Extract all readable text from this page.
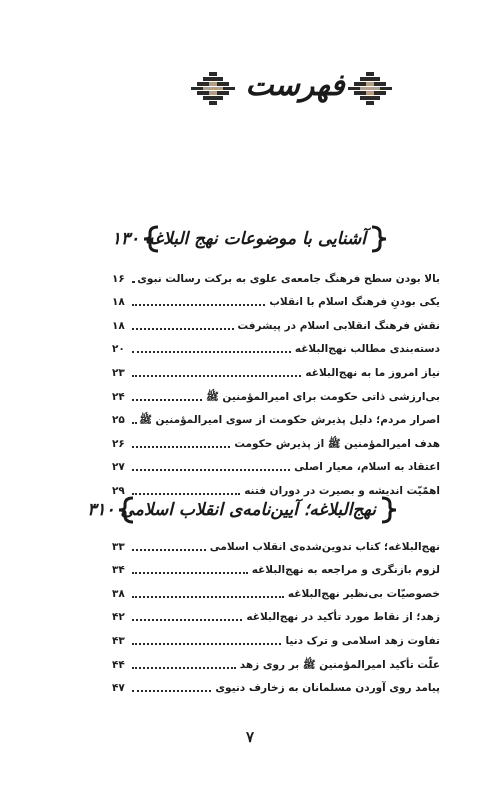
فهرست
آشنایی با موضوعات نهج البلاغه ۱۳۰
بالا بودن سطح فرهنگ جامعه‌ی علوی به برکت رسالت نبوی
۱۶
یکی بودنِ فرهنگ اسلام با انقلاب
۱۸
نقش فرهنگ انقلابی اسلام در پیشرفت
۱۸
دسته‌بندی مطالب نهج‌البلاغه
۲۰
نیاز امروز ما به نهج‌البلاغه
۲۳
بی‌ارزشی ذاتی حکومت برای امیرالمؤمنین ﷺ
۲۴
اصرار مردم؛ دلیل پذیرش حکومت از سوی امیرالمؤمنین ﷺ
۲۵
هدف امیرالمؤمنین ﷺ از پذیرش حکومت
۲۶
اعتقاد به اسلام، معیار اصلی
۲۷
اهمّیّت اندیشه و بصیرت در دوران فتنه
۲۹
نهج‌البلاغه؛ آیین‌نامه‌ی انقلاب اسلامی ۳۱۰
نهج‌البلاغه؛ کتاب تدوین‌شده‌ی انقلاب اسلامی
۳۳
لزوم بازنگری و مراجعه به نهج‌البلاغه
۳۴
خصوصیّات بی‌نظیر نهج‌البلاغه
۳۸
زهد؛ از نقاط مورد تأکید در نهج‌البلاغه
۴۲
تفاوت زهد اسلامی و ترک دنیا
۴۳
علّت تأکید امیرالمؤمنین ﷺ بر روی زهد
۴۴
پیامد روی آوردن مسلمانان به زخارف دنیوی
۴۷
۷
